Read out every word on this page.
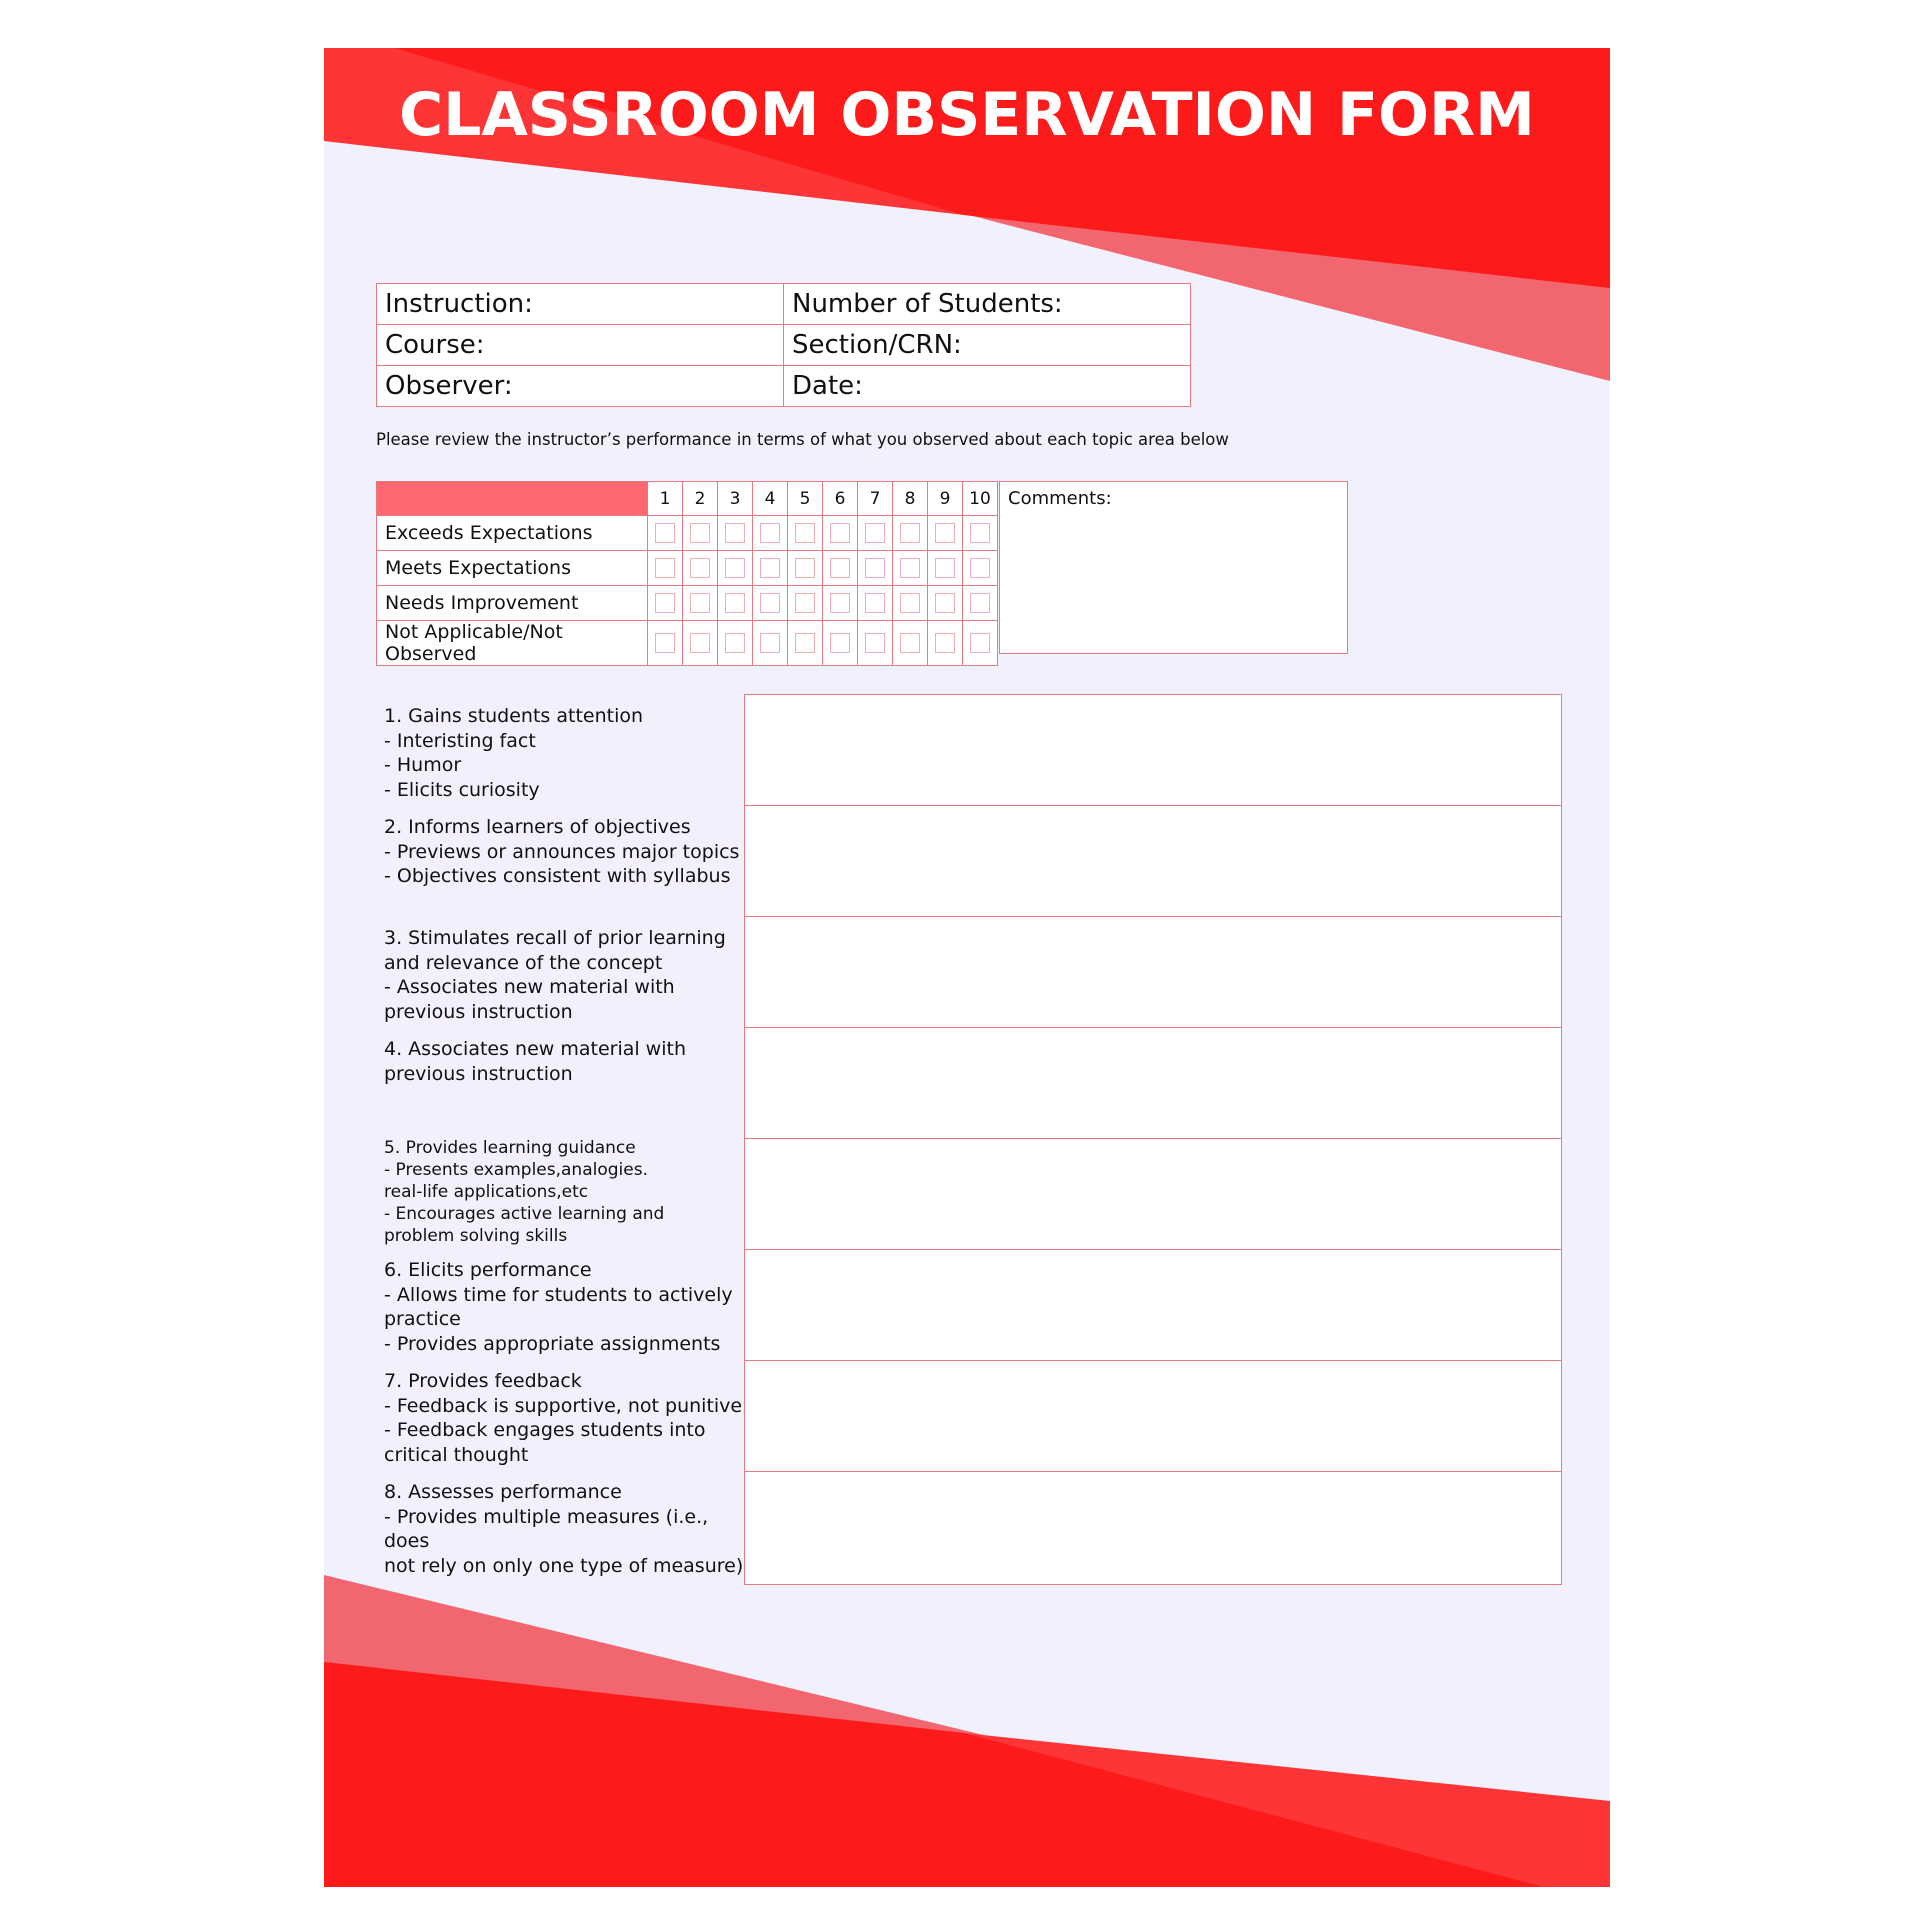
CLASSROOM OBSERVATION FORM
Instruction:	Number of Students:
Course:	Section/CRN:
Observer:	Date:

Please review the instructor’s performance in terms of what you observed about each topic area below

	1	2	3	4	5	6	7	8	9	10
Exceeds Expectations										
Meets Expectations										
Needs Improvement										
Not Applicable/Not Observed										
Comments:

1. Gains students attention
- Interisting fact
- Humor
- Elicits curiosity

2. Informs learners of objectives
- Previews or announces major topics
- Objectives consistent with syllabus

3. Stimulates recall of prior learning
and relevance of the concept
- Associates new material with
previous instruction

4. Associates new material with
previous instruction

5. Provides learning guidance
- Presents examples,analogies.
real-life applications,etc
- Encourages active learning and
problem solving skills

6. Elicits performance
- Allows time for students to actively
practice
- Provides appropriate assignments

7. Provides feedback
- Feedback is supportive, not punitive
- Feedback engages students into
critical thought

8. Assesses performance
- Provides multiple measures (i.e., does
not rely on only one type of measure)
